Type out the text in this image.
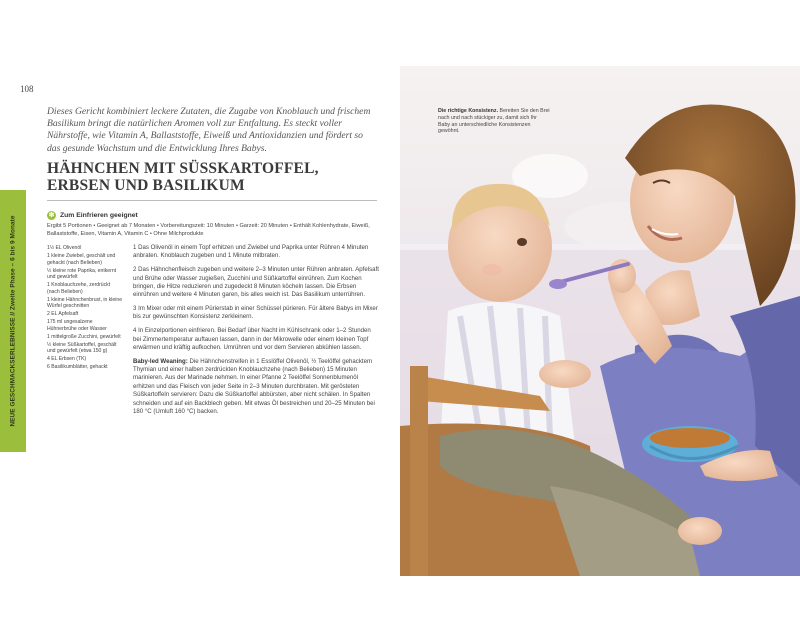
108
NEUE GESCHMACKSERLEBNISSE // Zweite Phase – 6 bis 9 Monate
Dieses Gericht kombiniert leckere Zutaten, die Zugabe von Knoblauch und frischem Basilikum bringt die natürlichen Aromen voll zur Entfaltung. Es steckt voller Nährstoffe, wie Vitamin A, Ballaststoffe, Eiweiß und Antioxidanzien und fördert so das gesunde Wachstum und die Entwicklung Ihres Babys.
HÄHNCHEN MIT SÜSSKARTOFFEL, ERBSEN UND BASILIKUM
✻ Zum Einfrieren geeignet
Ergibt 5 Portionen • Geeignet ab 7 Monaten • Vorbereitungszeit: 10 Minuten • Garzeit: 20 Minuten • Enthält Kohlenhydrate, Eiweiß, Ballaststoffe, Eisen, Vitamin A, Vitamin C • Ohne Milchprodukte
1½ EL Olivenöl
1 kleine Zwiebel, geschält und gehackt (nach Belieben)
½ kleine rote Paprika, entkernt und gewürfelt
1 Knoblauchzehe, zerdrückt (nach Belieben)
1 kleine Hähnchenbrust, in kleine Würfel geschnitten
2 EL Apfelsaft
175 ml ungesalzene Hühnerbrühe oder Wasser
1 mittelgroße Zucchini, gewürfelt
½ kleine Süßkartoffel, geschält und gewürfelt (etwa 150 g)
4 EL Erbsen (TK)
6 Basilikumblätter, gehackt

1 Das Olivenöl in einem Topf erhitzen und Zwiebel und Paprika unter Rühren 4 Minuten anbraten. Knoblauch zugeben und 1 Minute mitbraten.

2 Das Hähnchenfleisch zugeben und weitere 2–3 Minuten unter Rühren anbraten. Apfelsaft und Brühe oder Wasser zugießen, Zucchini und Süßkartoffel einrühren. Zum Kochen bringen, die Hitze reduzieren und zugedeckt 8 Minuten köcheln lassen. Die Erbsen einrühren und weitere 4 Minuten garen, bis alles weich ist. Das Basilikum unterrühren.

3 Im Mixer oder mit einem Pürierstab in einer Schüssel pürieren. Für ältere Babys im Mixer bis zur gewünschten Konsistenz zerkleinern.

4 In Einzelportionen einfrieren. Bei Bedarf über Nacht im Kühlschrank oder 1–2 Stunden bei Zimmertemperatur auftauen lassen, dann in der Mikrowelle oder einem kleinen Topf erwärmen und kräftig aufkochen. Umrühren und vor dem Servieren abkühlen lassen.

Baby-led Weaning: Die Hähnchenstreifen in 1 Esslöffel Olivenöl, ½ Teelöffel gehacktem Thymian und einer halben zerdrückten Knoblauchzehe (nach Belieben) 15 Minuten marinieren. Aus der Marinade nehmen. In einer Pfanne 2 Teelöffel Sonnenblumenöl erhitzen und das Fleisch von jeder Seite in 2–3 Minuten durchbraten. Mit gerösteten Süßkartoffeln servieren: Dazu die Süßkartoffel abbürsten, aber nicht schälen. In Spalten schneiden und auf ein Backblech geben. Mit etwas Öl bestreichen und 20–25 Minuten bei 180 °C (Umluft 160 °C) backen.

Die richtige Konsistenz. Bereiten Sie den Brei nach und nach stückiger zu, damit sich Ihr Baby an unterschiedliche Konsistenzen gewöhnt.
